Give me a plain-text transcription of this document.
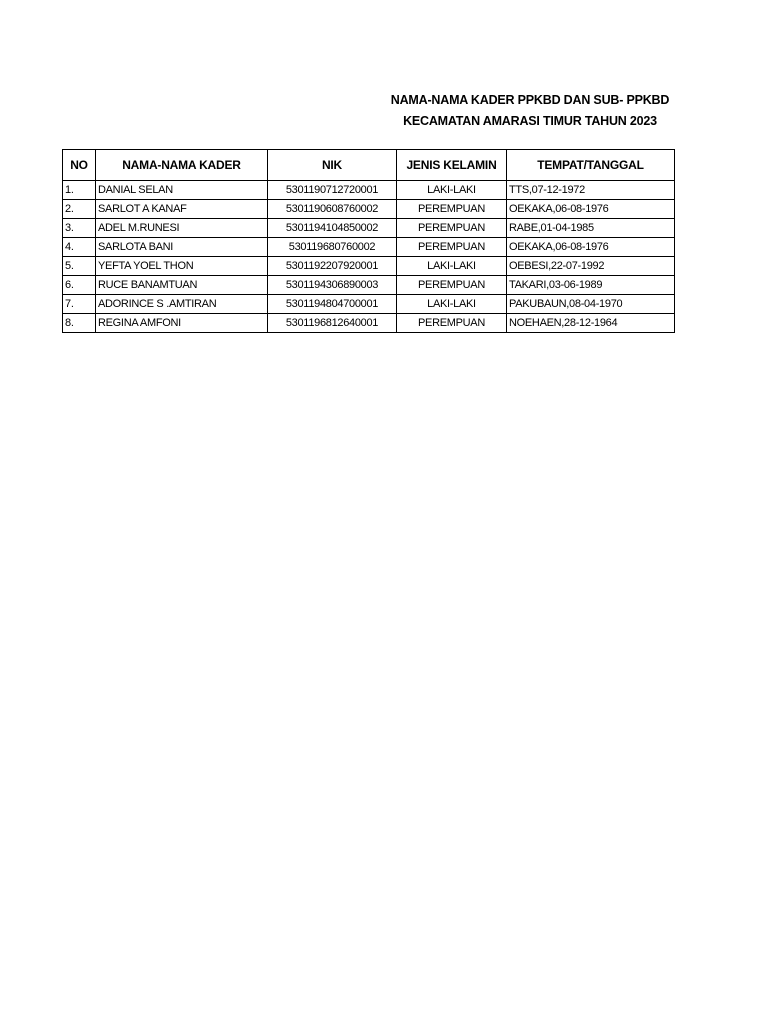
NAMA-NAMA KADER PPKBD DAN SUB- PPKBD
KECAMATAN AMARASI TIMUR TAHUN 2023
NO	NAMA-NAMA KADER	NIK	JENIS KELAMIN	TEMPAT/TANGGAL
1.	DANIAL SELAN	5301190712720001	LAKI-LAKI	TTS,07-12-1972
2.	SARLOT A KANAF	5301190608760002	PEREMPUAN	OEKAKA,06-08-1976
3.	ADEL M.RUNESI	5301194104850002	PEREMPUAN	RABE,01-04-1985
4.	SARLOTA BANI	530119680760002	PEREMPUAN	OEKAKA,06-08-1976
5.	YEFTA YOEL THON	5301192207920001	LAKI-LAKI	OEBESI,22-07-1992
6.	RUCE BANAMTUAN	5301194306890003	PEREMPUAN	TAKARI,03-06-1989
7.	ADORINCE S .AMTIRAN	5301194804700001	LAKI-LAKI	PAKUBAUN,08-04-1970
8.	REGINA AMFONI	5301196812640001	PEREMPUAN	NOEHAEN,28-12-1964
